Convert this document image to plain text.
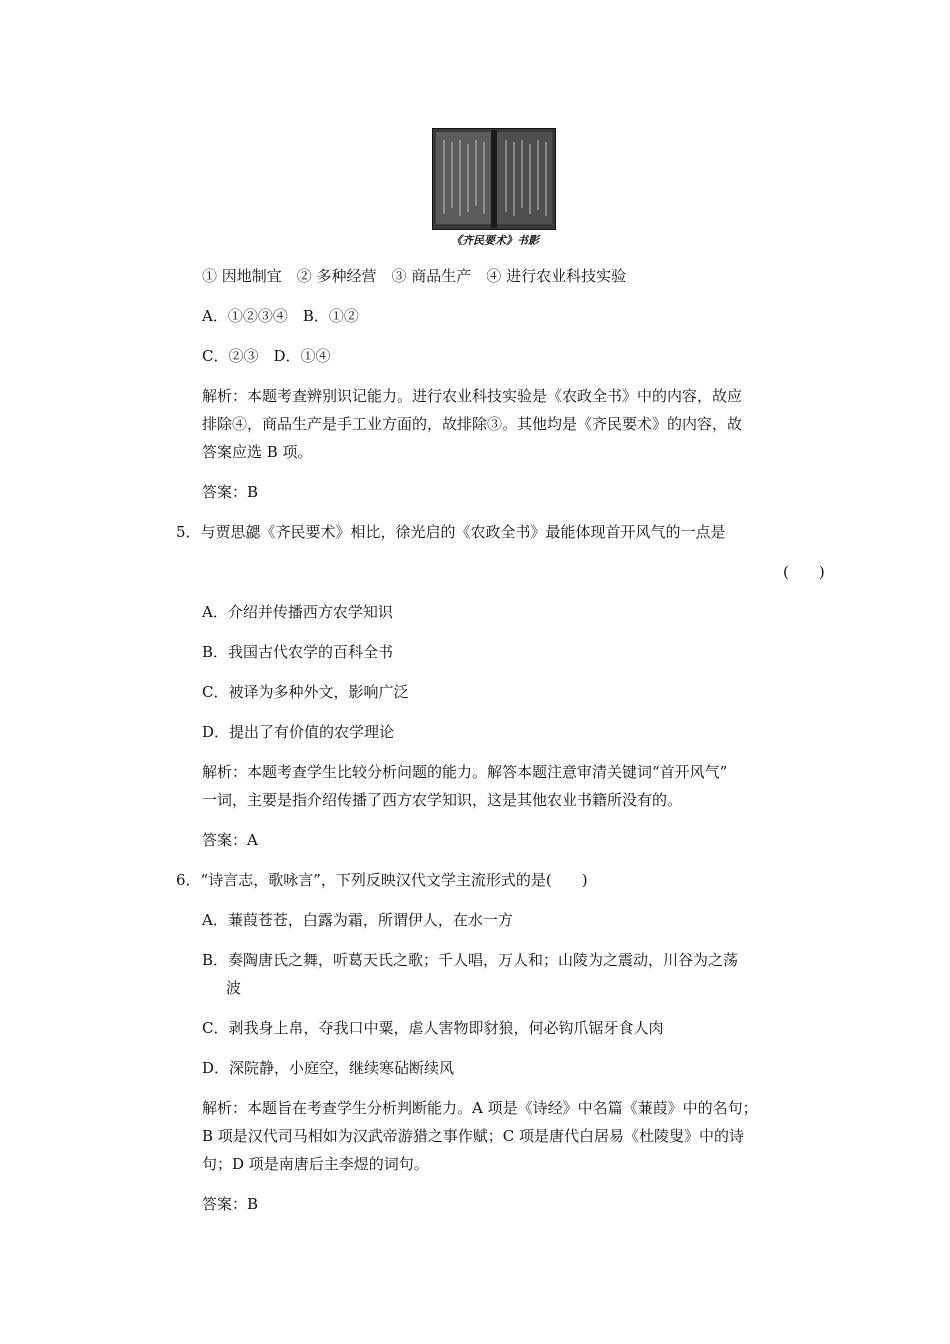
《齐民要术》书影
① 因地制宜　② 多种经营　③ 商品生产　④ 进行农业科技实验
A．①②③④　B．①②
C．②③　D．①④
解析：本题考查辨别识记能力。进行农业科技实验是《农政全书》中的内容，故应
排除④，商品生产是手工业方面的，故排除③。其他均是《齐民要术》的内容，故
答案应选 B 项。
答案：B
5．与贾思勰《齐民要术》相比，徐光启的《农政全书》最能体现首开风气的一点是
(　　)
A．介绍并传播西方农学知识
B．我国古代农学的百科全书
C．被译为多种外文，影响广泛
D．提出了有价值的农学理论
解析：本题考查学生比较分析问题的能力。解答本题注意审清关键词“首开风气”
一词，主要是指介绍传播了西方农学知识，这是其他农业书籍所没有的。
答案：A
6．“诗言志，歌咏言”，下列反映汉代文学主流形式的是(　　)
A．蒹葭苍苍，白露为霜，所谓伊人，在水一方
B．奏陶唐氏之舞，听葛天氏之歌；千人唱，万人和；山陵为之震动，川谷为之荡
波
C．剥我身上帛，夺我口中粟，虐人害物即豺狼，何必钩爪锯牙食人肉
D．深院静，小庭空，继续寒砧断续风
解析：本题旨在考查学生分析判断能力。A 项是《诗经》中名篇《蒹葭》中的名句；
B 项是汉代司马相如为汉武帝游猎之事作赋；C 项是唐代白居易《杜陵叟》中的诗
句；D 项是南唐后主李煜的词句。
答案：B
